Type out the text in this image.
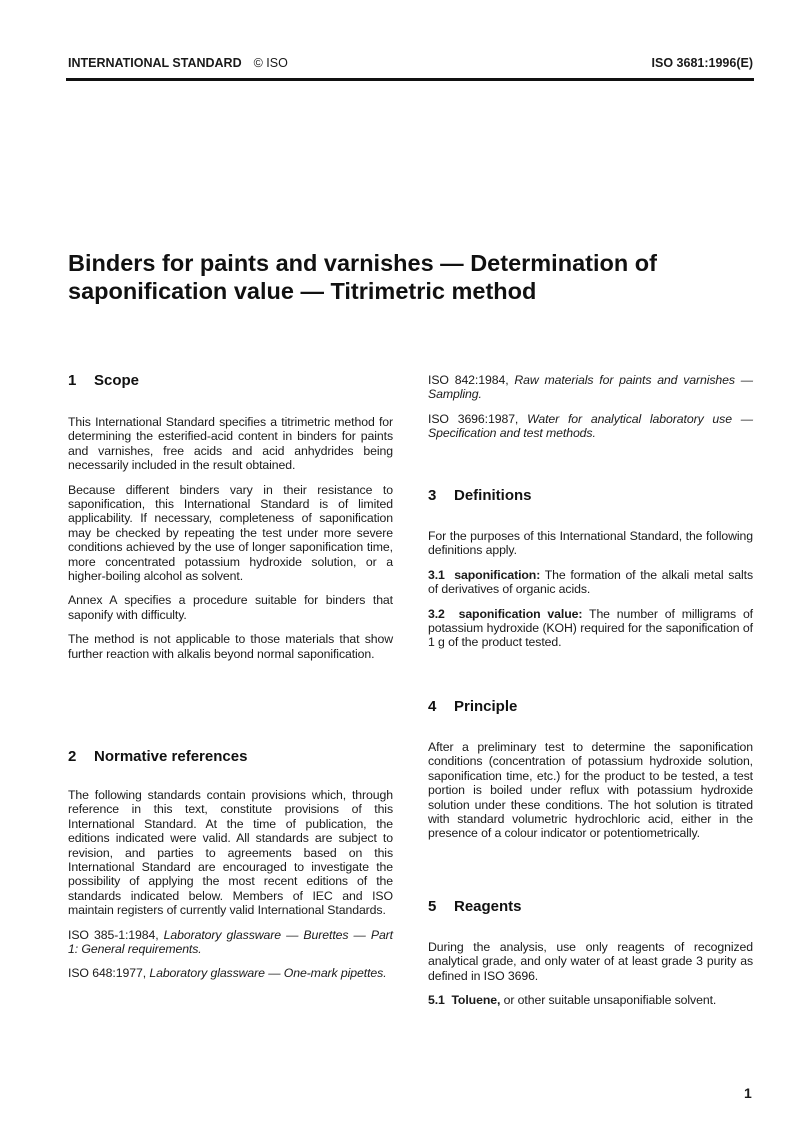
INTERNATIONAL STANDARD © ISO	ISO 3681:1996(E)
Binders for paints and varnishes — Determination of saponification value — Titrimetric method
1 Scope

This International Standard specifies a titrimetric method for determining the esterified-acid content in binders for paints and varnishes, free acids and acid anhydrides being necessarily included in the result obtained.

Because different binders vary in their resistance to saponification, this International Standard is of limited applicability. If necessary, completeness of saponification may be checked by repeating the test under more severe conditions achieved by the use of longer saponification time, more concentrated potassium hydroxide solution, or a higher-boiling alcohol as solvent.

Annex A specifies a procedure suitable for binders that saponify with difficulty.

The method is not applicable to those materials that show further reaction with alkalis beyond normal saponification.

2 Normative references

The following standards contain provisions which, through reference in this text, constitute provisions of this International Standard. At the time of publication, the editions indicated were valid. All standards are subject to revision, and parties to agreements based on this International Standard are encouraged to investigate the possibility of applying the most recent editions of the standards indicated below. Members of IEC and ISO maintain registers of currently valid International Standards.

ISO 385-1:1984, Laboratory glassware — Burettes — Part 1: General requirements.

ISO 648:1977, Laboratory glassware — One-mark pipettes.

ISO 842:1984, Raw materials for paints and varnishes — Sampling.

ISO 3696:1987, Water for analytical laboratory use — Specification and test methods.

3 Definitions

For the purposes of this International Standard, the following definitions apply.

3.1 saponification: The formation of the alkali metal salts of derivatives of organic acids.

3.2 saponification value: The number of milligrams of potassium hydroxide (KOH) required for the saponification of 1 g of the product tested.

4 Principle

After a preliminary test to determine the saponification conditions (concentration of potassium hydroxide solution, saponification time, etc.) for the product to be tested, a test portion is boiled under reflux with potassium hydroxide solution under these conditions. The hot solution is titrated with standard volumetric hydrochloric acid, either in the presence of a colour indicator or potentiometrically.

5 Reagents

During the analysis, use only reagents of recognized analytical grade, and only water of at least grade 3 purity as defined in ISO 3696.

5.1 Toluene, or other suitable unsaponifiable solvent.

1
